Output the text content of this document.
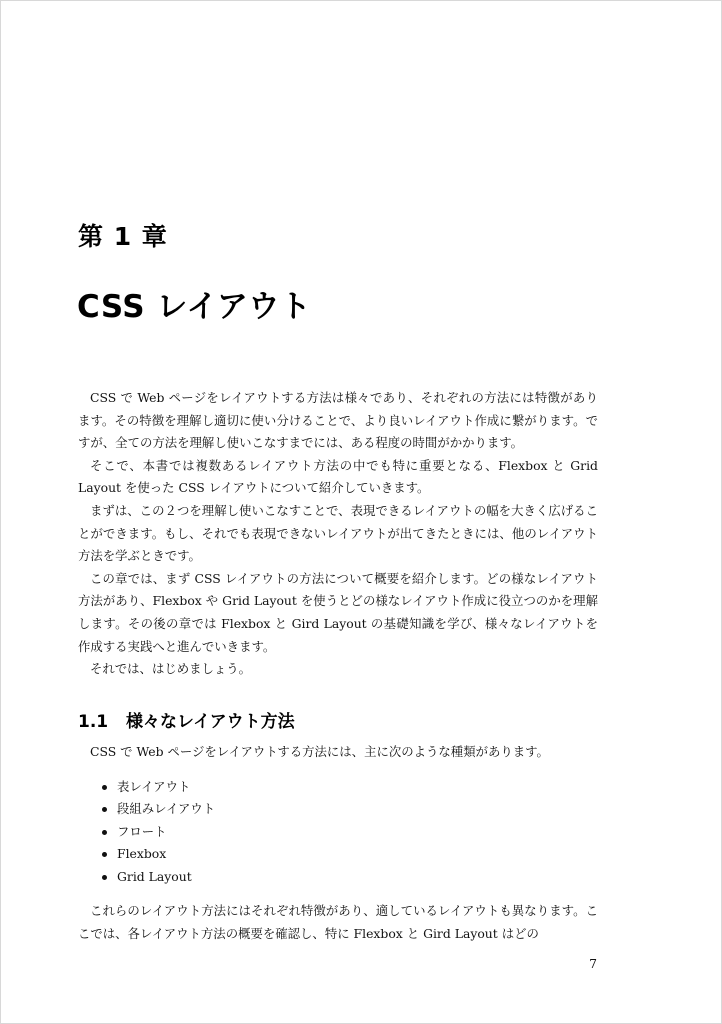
第 1 章
CSS レイアウト

CSS で Web ページをレイアウトする方法は様々であり、それぞれの方法には特徴があります。その特徴を理解し適切に使い分けることで、より良いレイアウト作成に繋がります。ですが、全ての方法を理解し使いこなすまでには、ある程度の時間がかかります。

そこで、本書では複数あるレイアウト方法の中でも特に重要となる、Flexbox と Grid Layout を使った CSS レイアウトについて紹介していきます。

まずは、この２つを理解し使いこなすことで、表現できるレイアウトの幅を大きく広げることができます。もし、それでも表現できないレイアウトが出てきたときには、他のレイアウト方法を学ぶときです。

この章では、まず CSS レイアウトの方法について概要を紹介します。どの様なレイアウト方法があり、Flexbox や Grid Layout を使うとどの様なレイアウト作成に役立つのかを理解します。その後の章では Flexbox と Gird Layout の基礎知識を学び、様々なレイアウトを作成する実践へと進んでいきます。

それでは、はじめましょう。

1.1 様々なレイアウト方法

CSS で Web ページをレイアウトする方法には、主に次のような種類があります。

表レイアウト
段組みレイアウト
フロート
Flexbox
Grid Layout

これらのレイアウト方法にはそれぞれ特徴があり、適しているレイアウトも異なります。ここでは、各レイアウト方法の概要を確認し、特に Flexbox と Gird Layout はどの

7
